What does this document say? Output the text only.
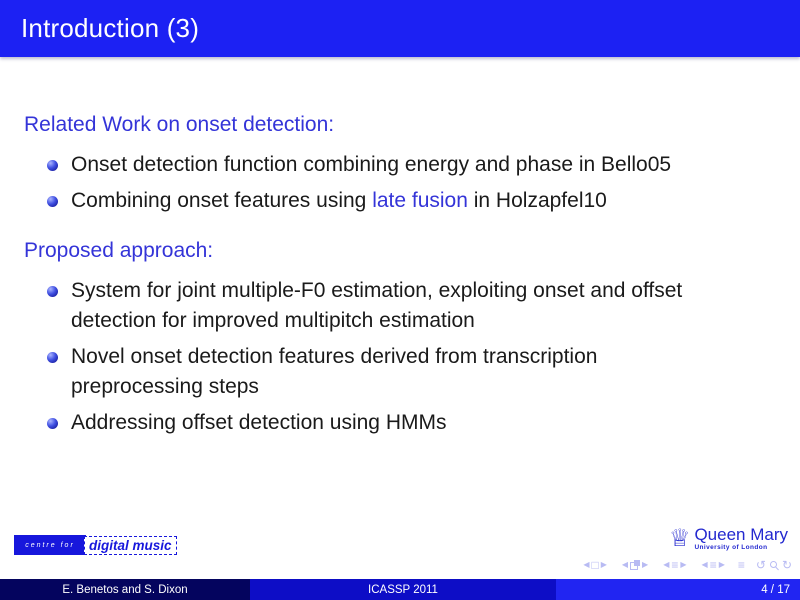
Introduction (3)

Related Work on onset detection:

Onset detection function combining energy and phase in Bello05
Combining onset features using late fusion in Holzapfel10

Proposed approach:

System for joint multiple-F0 estimation, exploiting onset and offset
detection for improved multipitch estimation
Novel onset detection features derived from transcription
preprocessing steps
Addressing offset detection using HMMs
centre for	digital music	♕ Queen Mary
University of London
◀ □ ▶ ◀ ▶ ◀ ≡ ▶ ◀ ≡ ▶ ≡ ↺ ↻
E. Benetos and S. Dixon	ICASSP 2011	4 / 17
